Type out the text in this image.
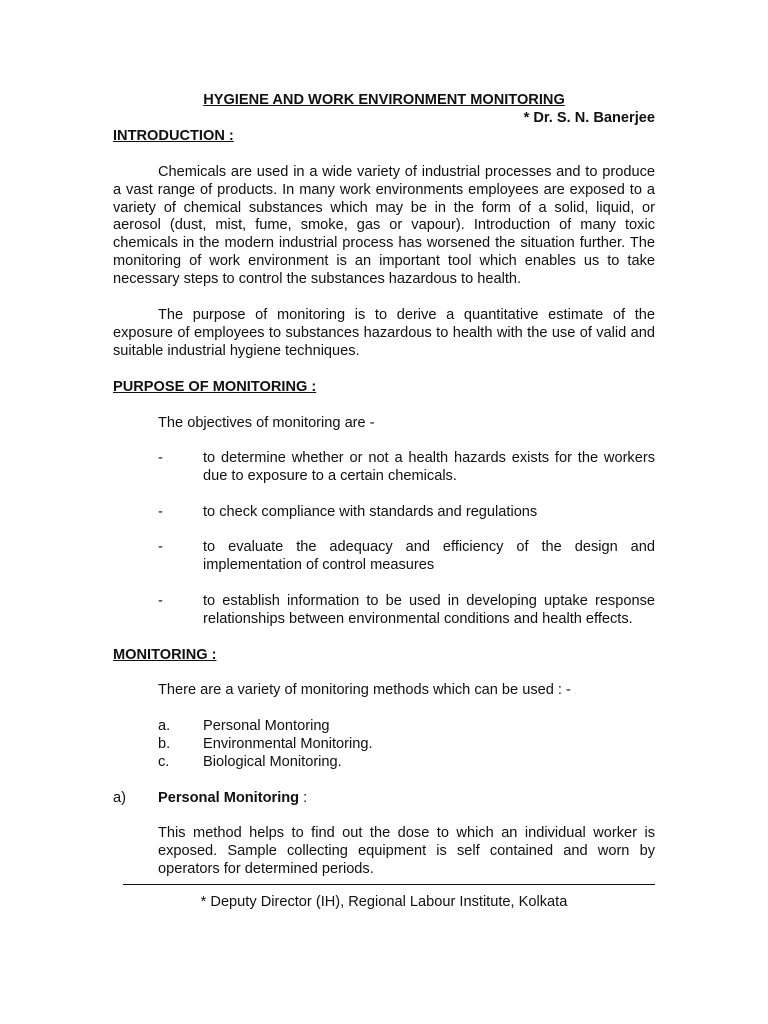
HYGIENE AND WORK ENVIRONMENT MONITORING

* Dr. S. N. Banerjee

INTRODUCTION :

Chemicals are used in a wide variety of industrial processes and to produce a vast range of products. In many work environments employees are exposed to a variety of chemical substances which may be in the form of a solid, liquid, or aerosol (dust, mist, fume, smoke, gas or vapour). Introduction of many toxic chemicals in the modern industrial process has worsened the situation further. The monitoring of work environment is an important tool which enables us to take necessary steps to control the substances hazardous to health.

The purpose of monitoring is to derive a quantitative estimate of the exposure of employees to substances hazardous to health with the use of valid and suitable industrial hygiene techniques.

PURPOSE OF MONITORING :

The objectives of monitoring are -

-	to determine whether or not a health hazards exists for the workers due to exposure to a certain chemicals.

-	to check compliance with standards and regulations

-	to evaluate the adequacy and efficiency of the design and implementation of control measures

-	to establish information to be used in developing uptake response relationships between environmental conditions and health effects.

MONITORING :

There are a variety of monitoring methods which can be used : -

a. Personal Montoring
b. Environmental Monitoring.
c. Biological Monitoring.
a) Personal Monitoring :

This method helps to find out the dose to which an individual worker is exposed. Sample collecting equipment is self contained and worn by operators for determined periods.

* Deputy Director (IH), Regional Labour Institute, Kolkata
